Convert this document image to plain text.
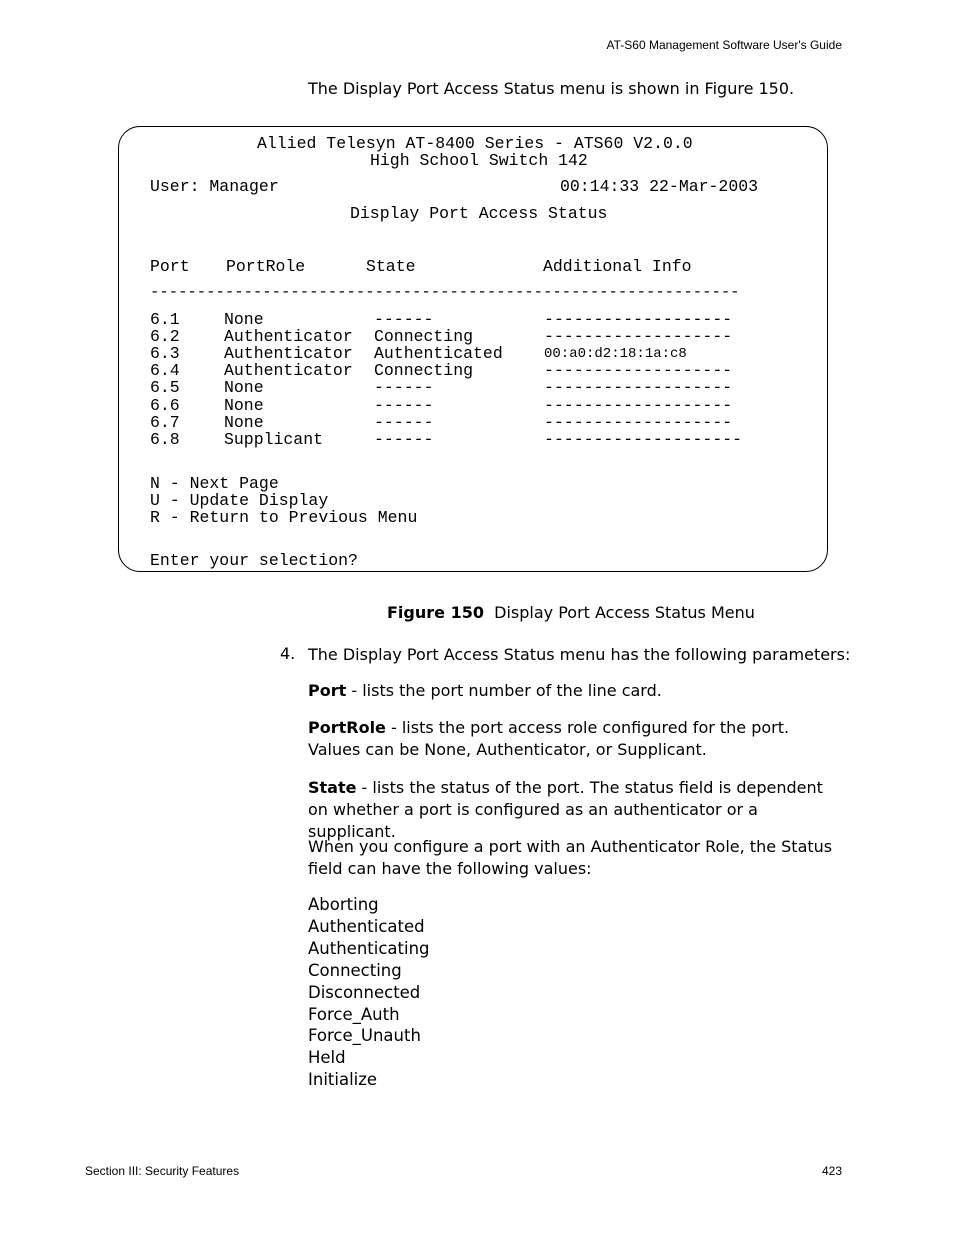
AT-S60 Management Software User's Guide
The Display Port Access Status menu is shown in Figure 150.
Allied Telesyn AT-8400 Series - ATS60 V2.0.0
High School Switch 142
User: Manager	00:14:33 22-Mar-2003
Display Port Access Status
Port PortRole	State	Additional Info
---------------------------------------------------------------
6.1	None	------	-------------------
6.2	Authenticator Connecting	-------------------
6.3	Authenticator Authenticated	00:a0:d2:18:1a:c8
6.4	Authenticator Connecting	-------------------
6.5	None	------	-------------------
6.6	None	------	-------------------
6.7	None	------	-------------------
6.8	Supplicant	------	--------------------
N - Next Page
U - Update Display
R - Return to Previous Menu
Enter your selection?
Figure 150 Display Port Access Status Menu
4. The Display Port Access Status menu has the following parameters:
Port - lists the port number of the line card.
PortRole - lists the port access role configured for the port. Values can be None, Authenticator, or Supplicant.
State - lists the status of the port. The status field is dependent on whether a port is configured as an authenticator or a supplicant.
When you configure a port with an Authenticator Role, the Status field can have the following values:
Aborting
Authenticated
Authenticating
Connecting
Disconnected
Force_Auth
Force_Unauth
Held
Initialize
Section III: Security Features	423
